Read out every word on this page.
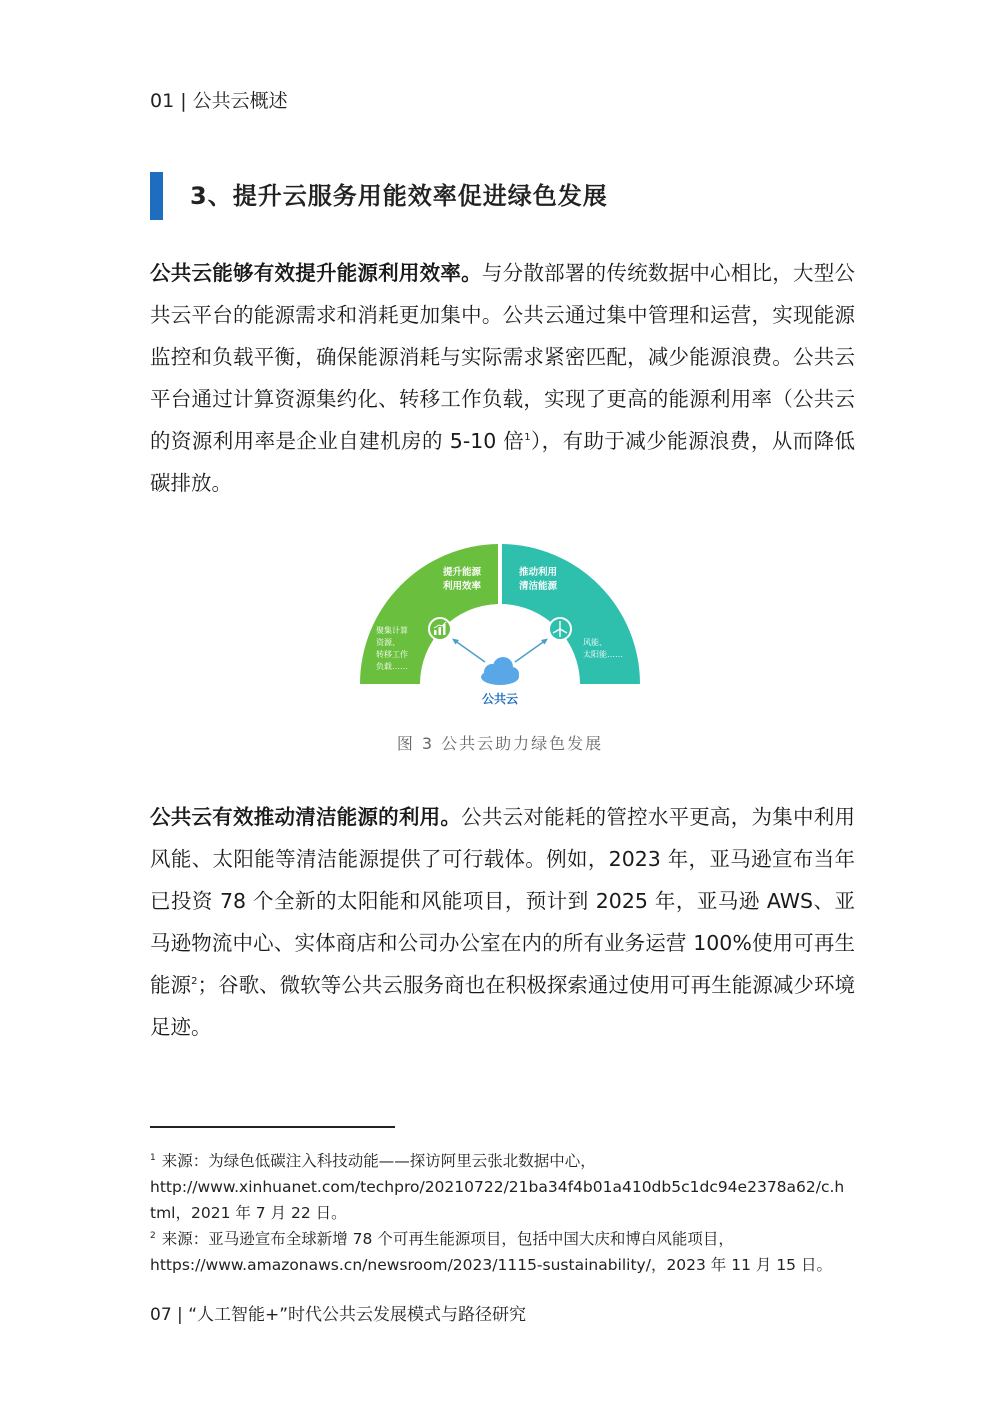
01 | 公共云概述
3、提升云服务用能效率促进绿色发展
公共云能够有效提升能源利用效率。与分散部署的传统数据中心相比，大型公共云平台的能源需求和消耗更加集中。公共云通过集中管理和运营，实现能源监控和负载平衡，确保能源消耗与实际需求紧密匹配，减少能源浪费。公共云平台通过计算资源集约化、转移工作负载，实现了更高的能源利用率（公共云的资源利用率是企业自建机房的 5-10 倍$^1$），有助于减少能源浪费，从而降低碳排放。
提升能源
利用效率
推动利用
清洁能源
聚集计算
资源、
转移工作
负载……
风能、
太阳能……
公共云
图 3 公共云助力绿色发展
公共云有效推动清洁能源的利用。公共云对能耗的管控水平更高，为集中利用风能、太阳能等清洁能源提供了可行载体。例如，2023 年，亚马逊宣布当年已投资 78 个全新的太阳能和风能项目，预计到 2025 年，亚马逊 AWS、亚马逊物流中心、实体商店和公司办公室在内的所有业务运营 100%使用可再生能源$^2$；谷歌、微软等公共云服务商也在积极探索通过使用可再生能源减少环境足迹。

$^1$ 来源：为绿色低碳注入科技动能——探访阿里云张北数据中心，
http://www.xinhuanet.com/techpro/20210722/21ba34f4b01a410db5c1dc94e2378a62/c.html，2021 年 7 月 22 日。

$^2$ 来源：亚马逊宣布全球新增 78 个可再生能源项目，包括中国大庆和博白风能项目，
https://www.amazonaws.cn/newsroom/2023/1115-sustainability/，2023 年 11 月 15 日。

07 | “人工智能+”时代公共云发展模式与路径研究
